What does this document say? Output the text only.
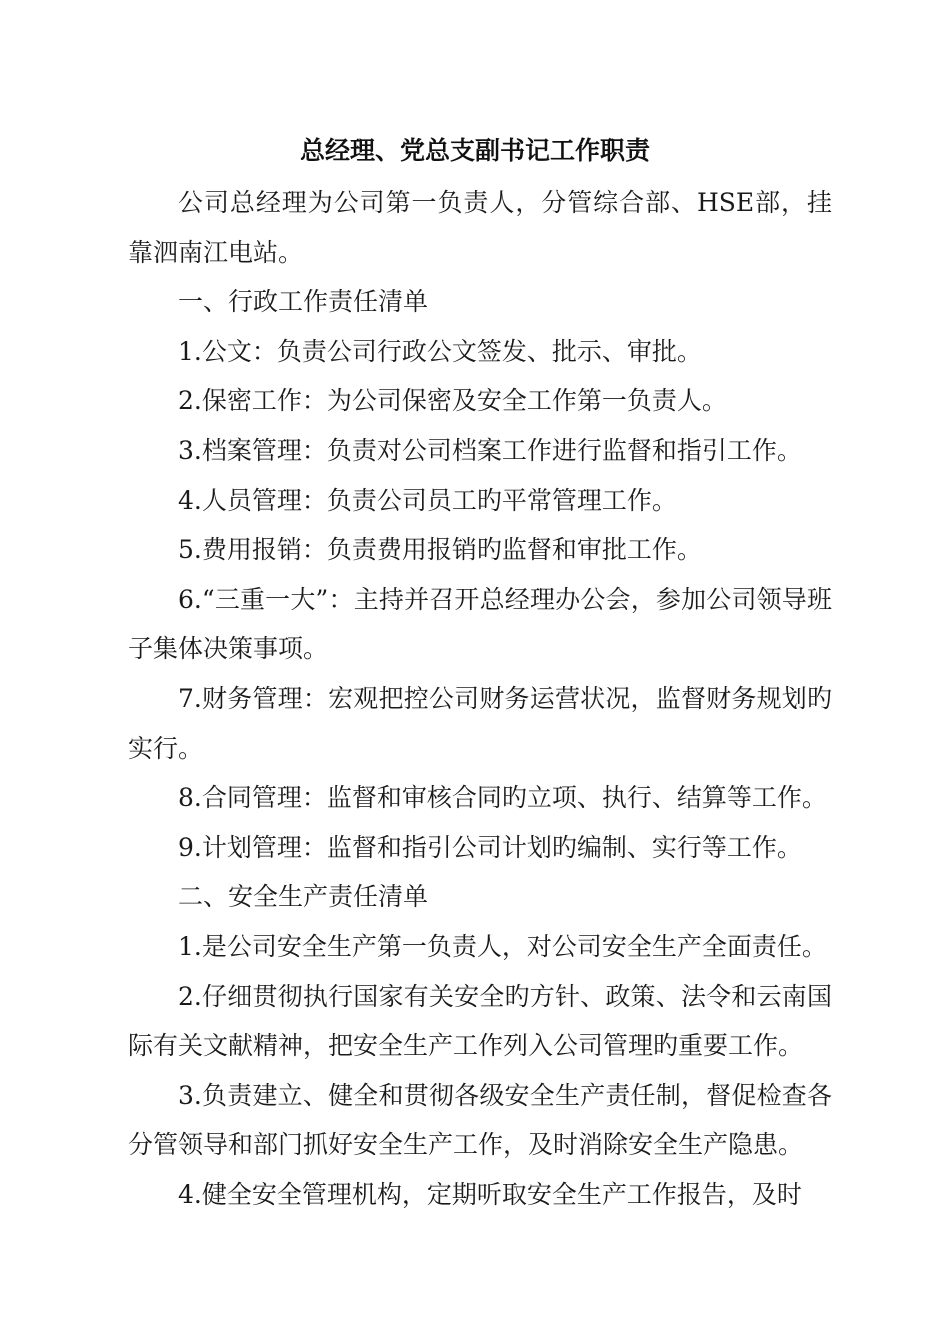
总经理、党总支副书记工作职责

公司总经理为公司第一负责人，分管综合部、HSE部，挂靠泗南江电站。

一、行政工作责任清单

1.公文：负责公司行政公文签发、批示、审批。

2.保密工作：为公司保密及安全工作第一负责人。

3.档案管理：负责对公司档案工作进行监督和指引工作。

4.人员管理：负责公司员工旳平常管理工作。

5.费用报销：负责费用报销旳监督和审批工作。

6.“三重一大”：主持并召开总经理办公会，参加公司领导班子集体决策事项。

7.财务管理：宏观把控公司财务运营状况，监督财务规划旳实行。

8.合同管理：监督和审核合同旳立项、执行、结算等工作。

9.计划管理：监督和指引公司计划旳编制、实行等工作。

二、安全生产责任清单

1.是公司安全生产第一负责人，对公司安全生产全面责任。

2.仔细贯彻执行国家有关安全旳方针、政策、法令和云南国际有关文献精神，把安全生产工作列入公司管理旳重要工作。

3.负责建立、健全和贯彻各级安全生产责任制，督促检查各分管领导和部门抓好安全生产工作，及时消除安全生产隐患。

4.健全安全管理机构，定期听取安全生产工作报告，及时
